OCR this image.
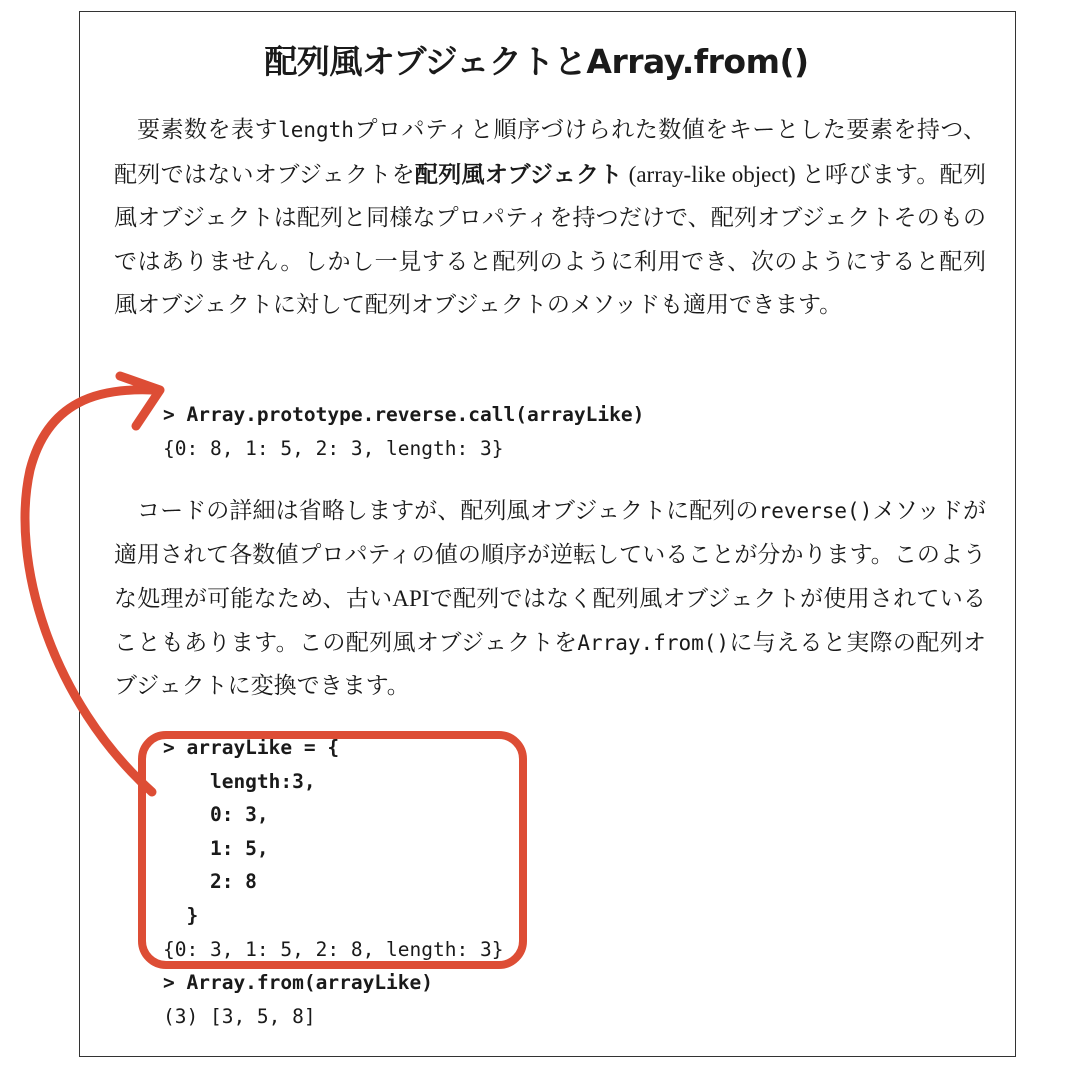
配列風オブジェクトとArray.from()

要素数を表すlengthプロパティと順序づけられた数値をキーとした要素を持つ、配列ではないオブジェクトを配列風オブジェクト (array-like object) と呼びます。配列風オブジェクトは配列と同様なプロパティを持つだけで、配列オブジェクトそのものではありません。しかし一見すると配列のように利用でき、次のようにすると配列風オブジェクトに対して配列オブジェクトのメソッドも適用できます。

> Array.prototype.reverse.call(arrayLike)
{0: 8, 1: 5, 2: 3, length: 3}

コードの詳細は省略しますが、配列風オブジェクトに配列のreverse()メソッドが適用されて各数値プロパティの値の順序が逆転していることが分かります。このような処理が可能なため、古いAPIで配列ではなく配列風オブジェクトが使用されていることもあります。この配列風オブジェクトをArray.from()に与えると実際の配列オブジェクトに変換できます。

> arrayLike = {
length:3,
0: 3,
1: 5,
2: 8
}
{0: 3, 1: 5, 2: 8, length: 3}
> Array.from(arrayLike)
(3) [3, 5, 8]
